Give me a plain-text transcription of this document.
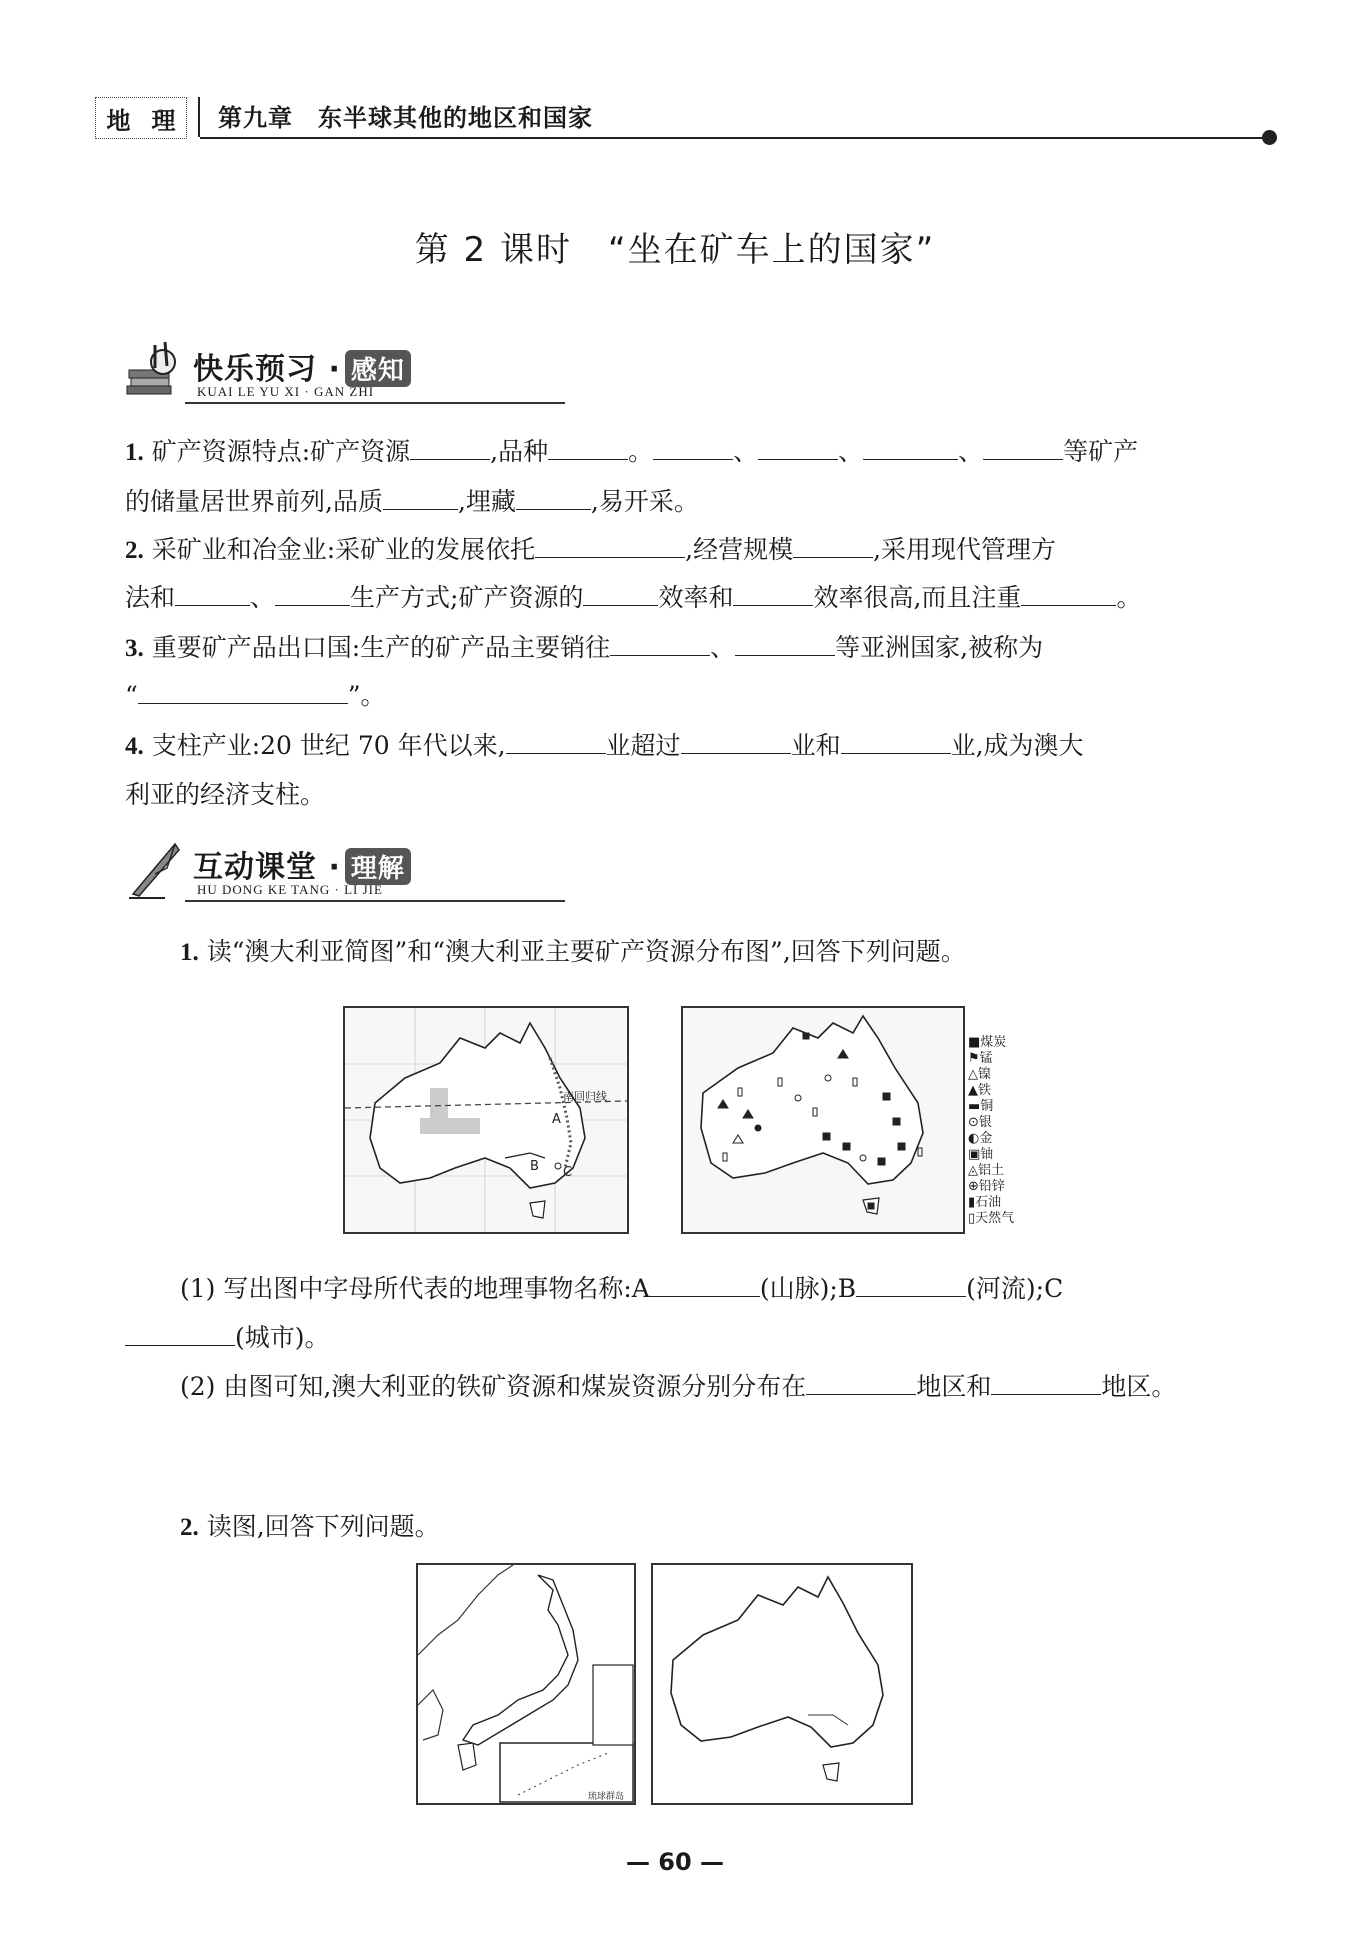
地 理 第九章　东半球其他的地区和国家
第 2 课时　“坐在矿车上的国家”
快乐预习 · 感知
KUAI LE YU XI · GAN ZHI
1. 矿产资源特点:矿产资源	,品种	。	、	、	、	等矿产
的储量居世界前列,品质	,埋藏	,易开采。
2. 采矿业和冶金业:采矿业的发展依托	,经营规模	,采用现代管理方
法和	、	生产方式;矿产资源的	效率和	效率很高,而且注重	。
3. 重要矿产品出口国:生产的矿产品主要销往	、	等亚洲国家,被称为
“	”。
4. 支柱产业:20 世纪 70 年代以来,	业超过	业和	业,成为澳大
利亚的经济支柱。
互动课堂 · 理解
HU DONG KE TANG · LI JIE
1. 读“澳大利亚简图”和“澳大利亚主要矿产资源分布图”,回答下列问题。
南回归线
A
B C
■煤炭
⚑锰
△镍
▲铁
▬铜
⊙银
◐金
▣铀
◬铝土
⊕铅锌
▮石油
▯天然气
(1) 写出图中字母所代表的地理事物名称:A	(山脉);B	(河流);C
(城市)。
(2) 由图可知,澳大利亚的铁矿资源和煤炭资源分别分布在	地区和	地区。
2. 读图,回答下列问题。
琉球群岛
— 60 —
